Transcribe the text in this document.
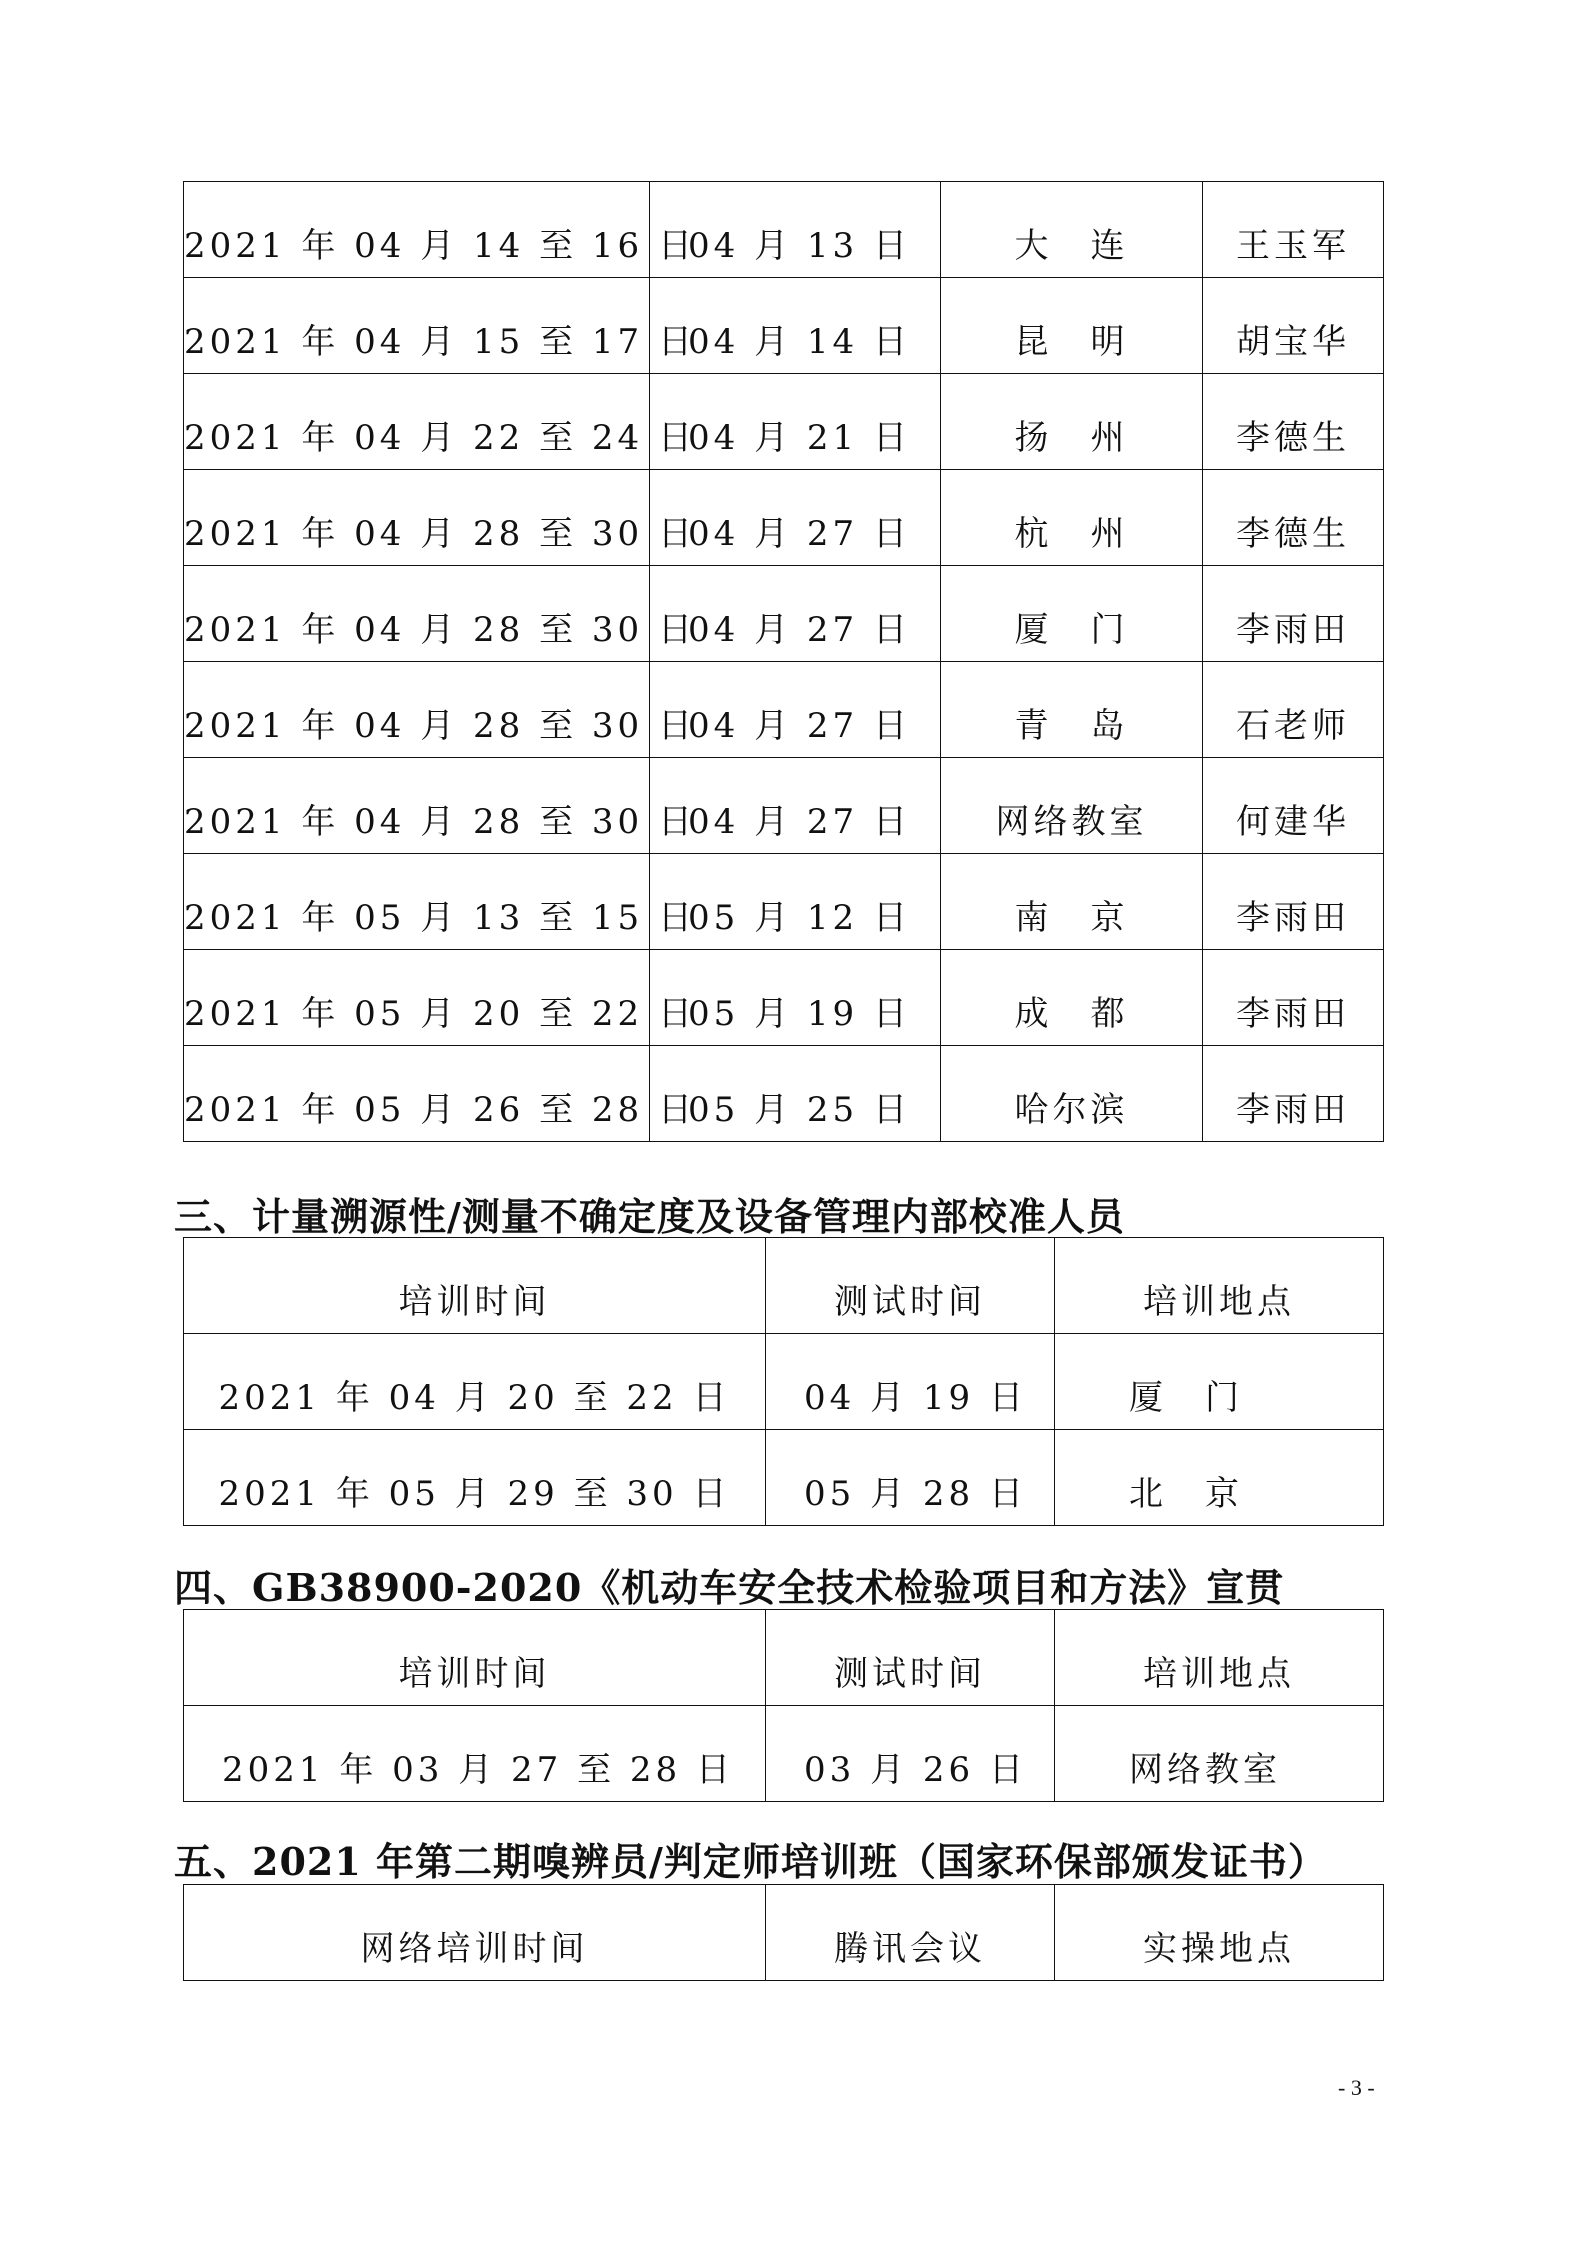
2021 年 04 月 14 至 16 日	04 月 13 日	大　连	王玉军
2021 年 04 月 15 至 17 日	04 月 14 日	昆　明	胡宝华
2021 年 04 月 22 至 24 日	04 月 21 日	扬　州	李德生
2021 年 04 月 28 至 30 日	04 月 27 日	杭　州	李德生
2021 年 04 月 28 至 30 日	04 月 27 日	厦　门	李雨田
2021 年 04 月 28 至 30 日	04 月 27 日	青　岛	石老师
2021 年 04 月 28 至 30 日	04 月 27 日	网络教室	何建华
2021 年 05 月 13 至 15 日	05 月 12 日	南　京	李雨田
2021 年 05 月 20 至 22 日	05 月 19 日	成　都	李雨田
2021 年 05 月 26 至 28 日	05 月 25 日	哈尔滨	李雨田
三、计量溯源性/测量不确定度及设备管理内部校准人员
培训时间	测试时间	培训地点
2021 年 04 月 20 至 22 日	04 月 19 日	厦　门
2021 年 05 月 29 至 30 日	05 月 28 日	北　京
四、GB38900-2020《机动车安全技术检验项目和方法》宣贯
培训时间	测试时间	培训地点
2021 年 03 月 27 至 28 日	03 月 26 日	网络教室
五、2021 年第二期嗅辨员/判定师培训班（国家环保部颁发证书）
网络培训时间	腾讯会议	实操地点
- 3 -
